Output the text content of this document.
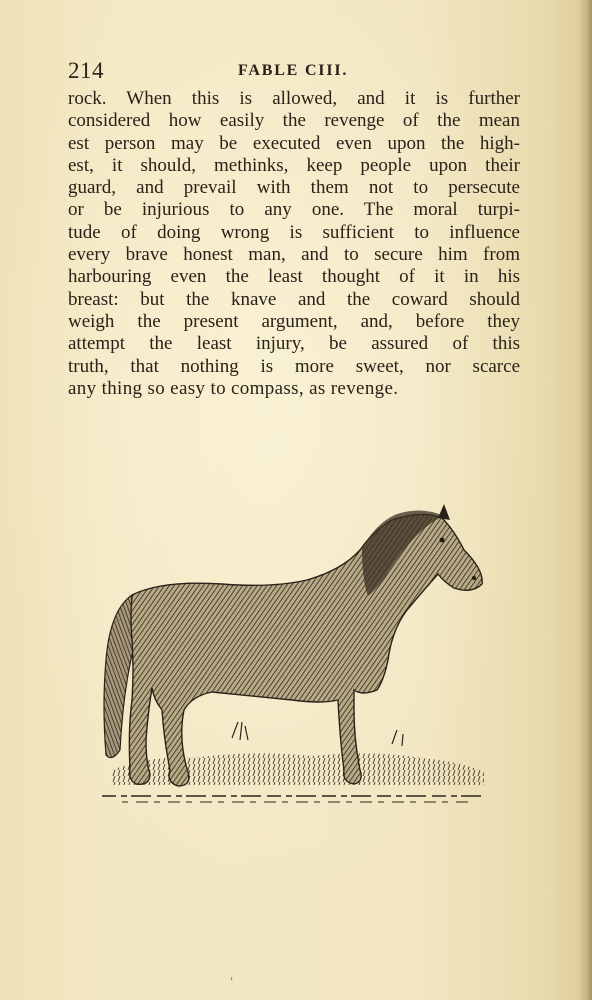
214	FABLE CIII.
rock. When this is allowed, and it is further
considered how easily the revenge of the mean
est person may be executed even upon the high-
est, it should, methinks, keep people upon their
guard, and prevail with them not to persecute
or be injurious to any one. The moral turpi-
tude of doing wrong is sufficient to influence
every brave honest man, and to secure him from
harbouring even the least thought of it in his
breast: but the knave and the coward should
weigh the present argument, and, before they
attempt the least injury, be assured of this
truth, that nothing is more sweet, nor scarce
any thing so easy to compass, as revenge.
'
